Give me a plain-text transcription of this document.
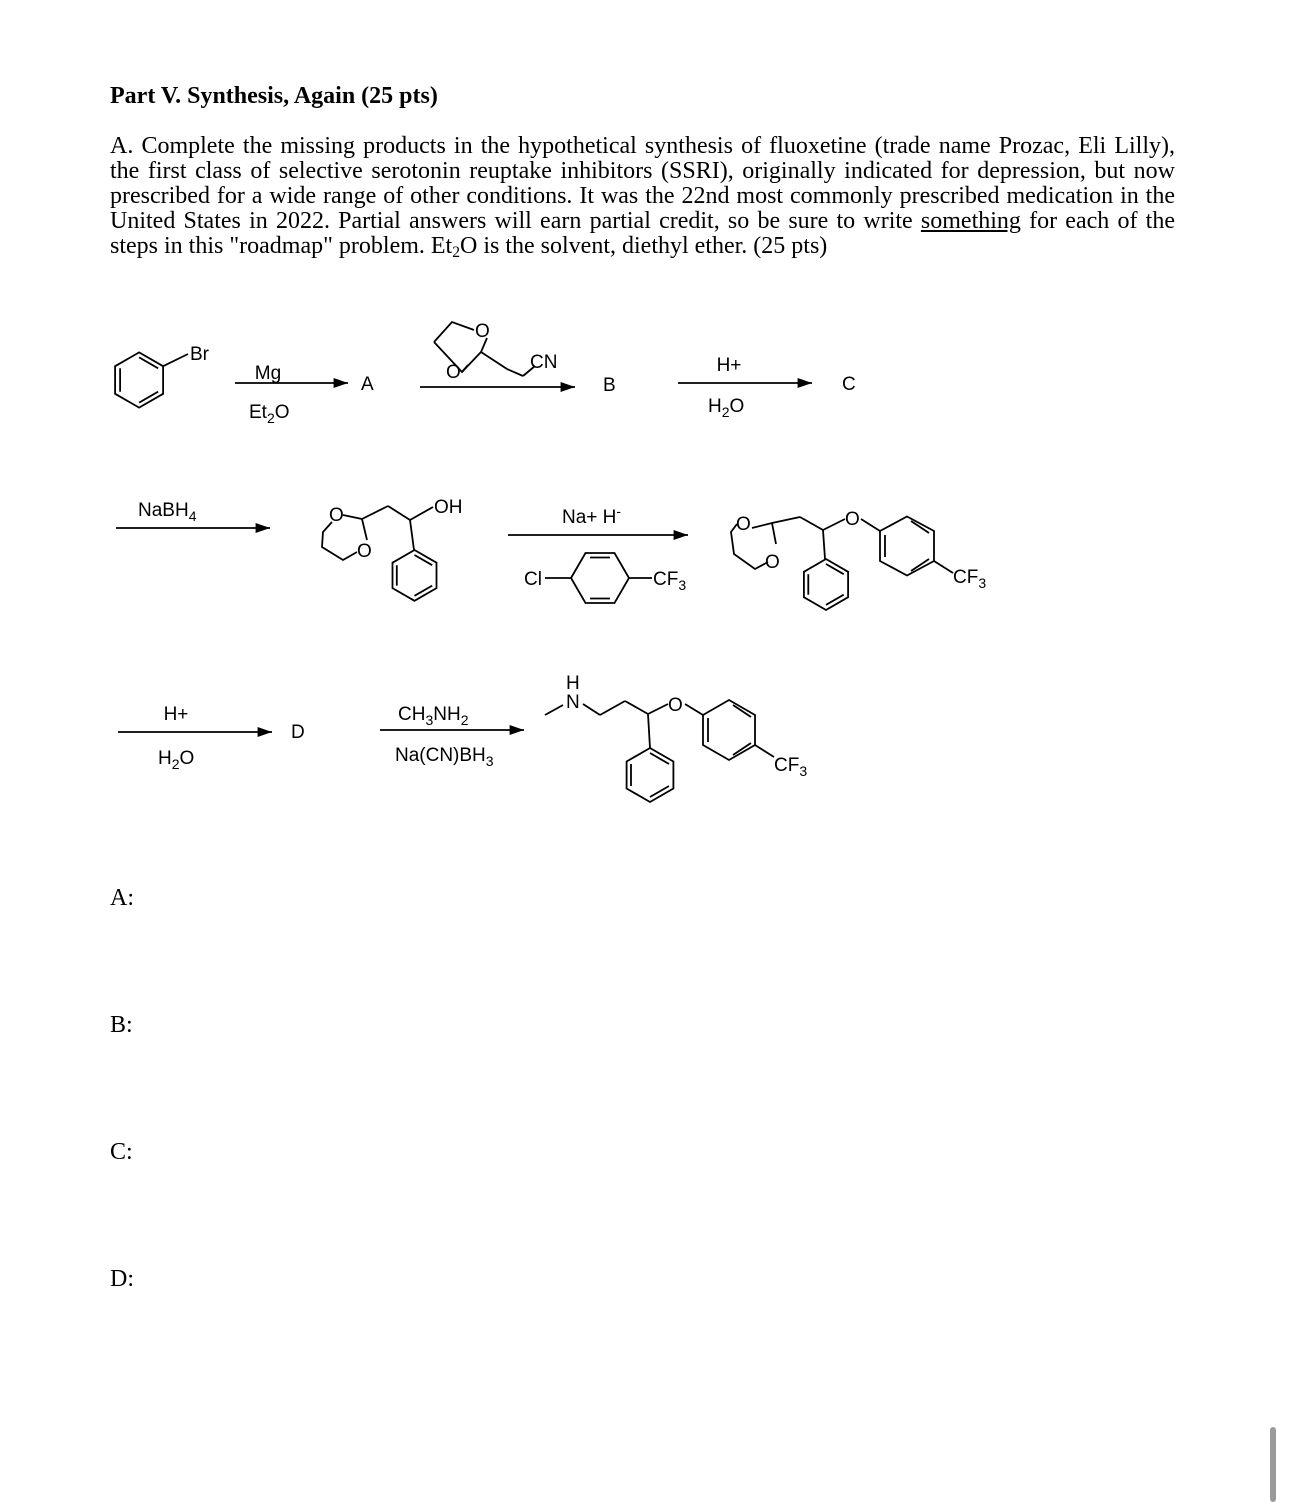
Part V. Synthesis, Again (25 pts)

A. Complete the missing products in the hypothetical synthesis of fluoxetine (trade name Prozac, Eli Lilly), the first class of selective serotonin reuptake inhibitors (SSRI), originally indicated for depression, but now prescribed for a wide range of other conditions. It was the 22nd most commonly prescribed medication in the United States in 2022. Partial answers will earn partial credit, so be sure to write something for each of the steps in this "roadmap" problem. $Et_2O$ is the solvent, diethyl ether. (25 pts)

Br
Mg
$Et_2O$
A
O
O	CN
B
H+
$H_2O$
C
NaBH$_4$	OH
O
O
Na+ H-
Cl	$CF_3$
O
O
O
$CF_3$
H+
$H_2O$
D
$CH_3NH_2$
$Na(CN)BH_3$
H
N	O
$CF_3$
A:
B:
C:
D:
